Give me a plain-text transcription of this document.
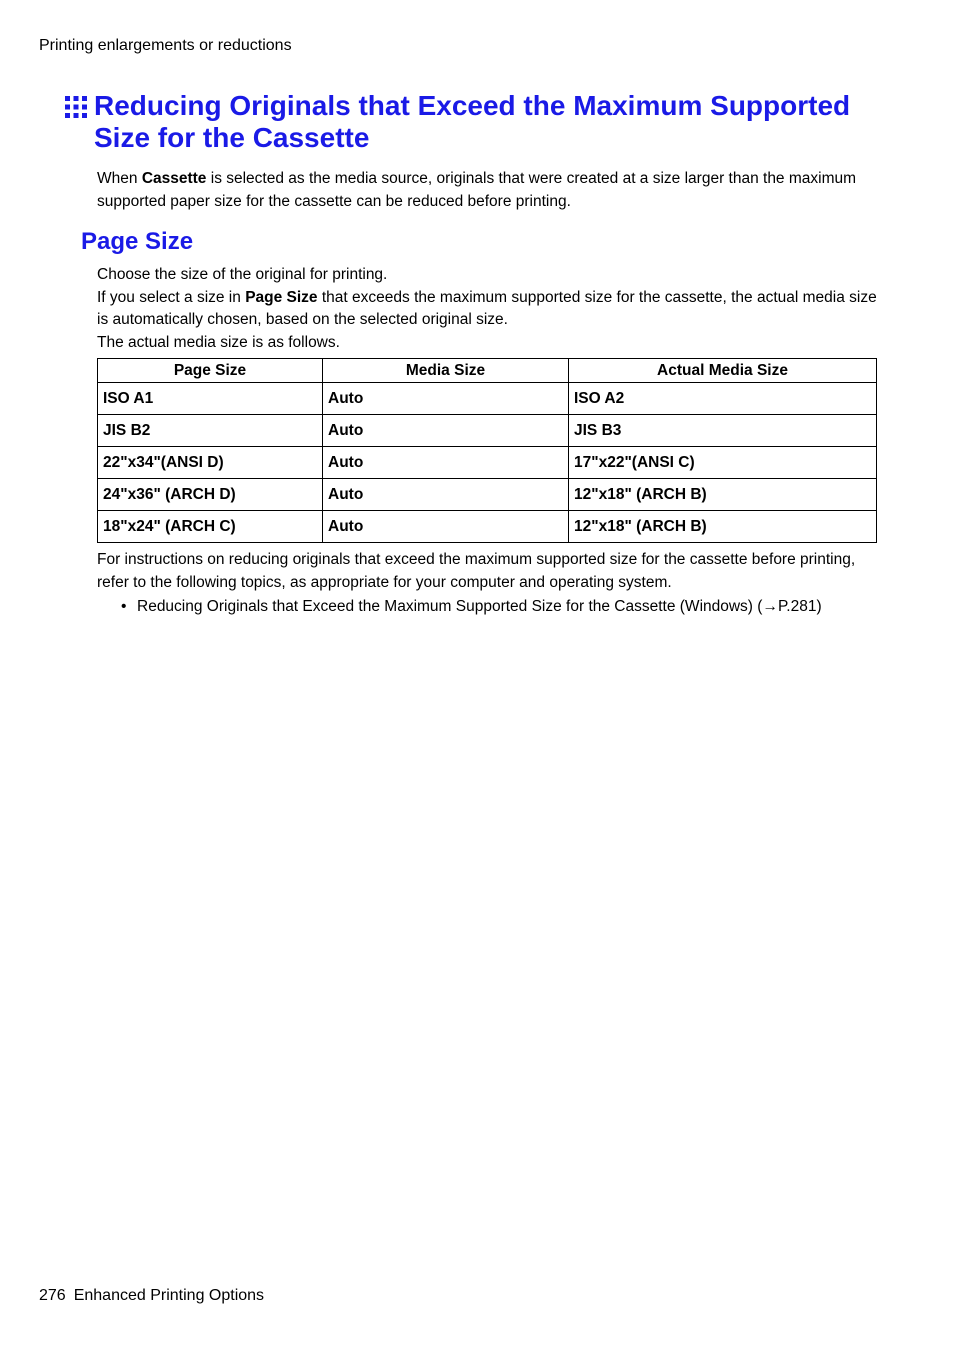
Printing enlargements or reductions
Reducing Originals that Exceed the Maximum Supported Size for the Cassette

When Cassette is selected as the media source, originals that were created at a size larger than the maximum supported paper size for the cassette can be reduced before printing.

Page Size

Choose the size of the original for printing.

If you select a size in Page Size that exceeds the maximum supported size for the cassette, the actual media size is automatically chosen, based on the selected original size.

The actual media size is as follows.

Page Size	Media Size	Actual Media Size
ISO A1	Auto	ISO A2
JIS B2	Auto	JIS B3
22"x34"(ANSI D)	Auto	17"x22"(ANSI C)
24"x36" (ARCH D)	Auto	12"x18" (ARCH B)
18"x24" (ARCH C)	Auto	12"x18" (ARCH B)

For instructions on reducing originals that exceed the maximum supported size for the cassette before printing, refer to the following topics, as appropriate for your computer and operating system.

• Reducing Originals that Exceed the Maximum Supported Size for the Cassette (Windows) (→P.281)
276 Enhanced Printing Options
